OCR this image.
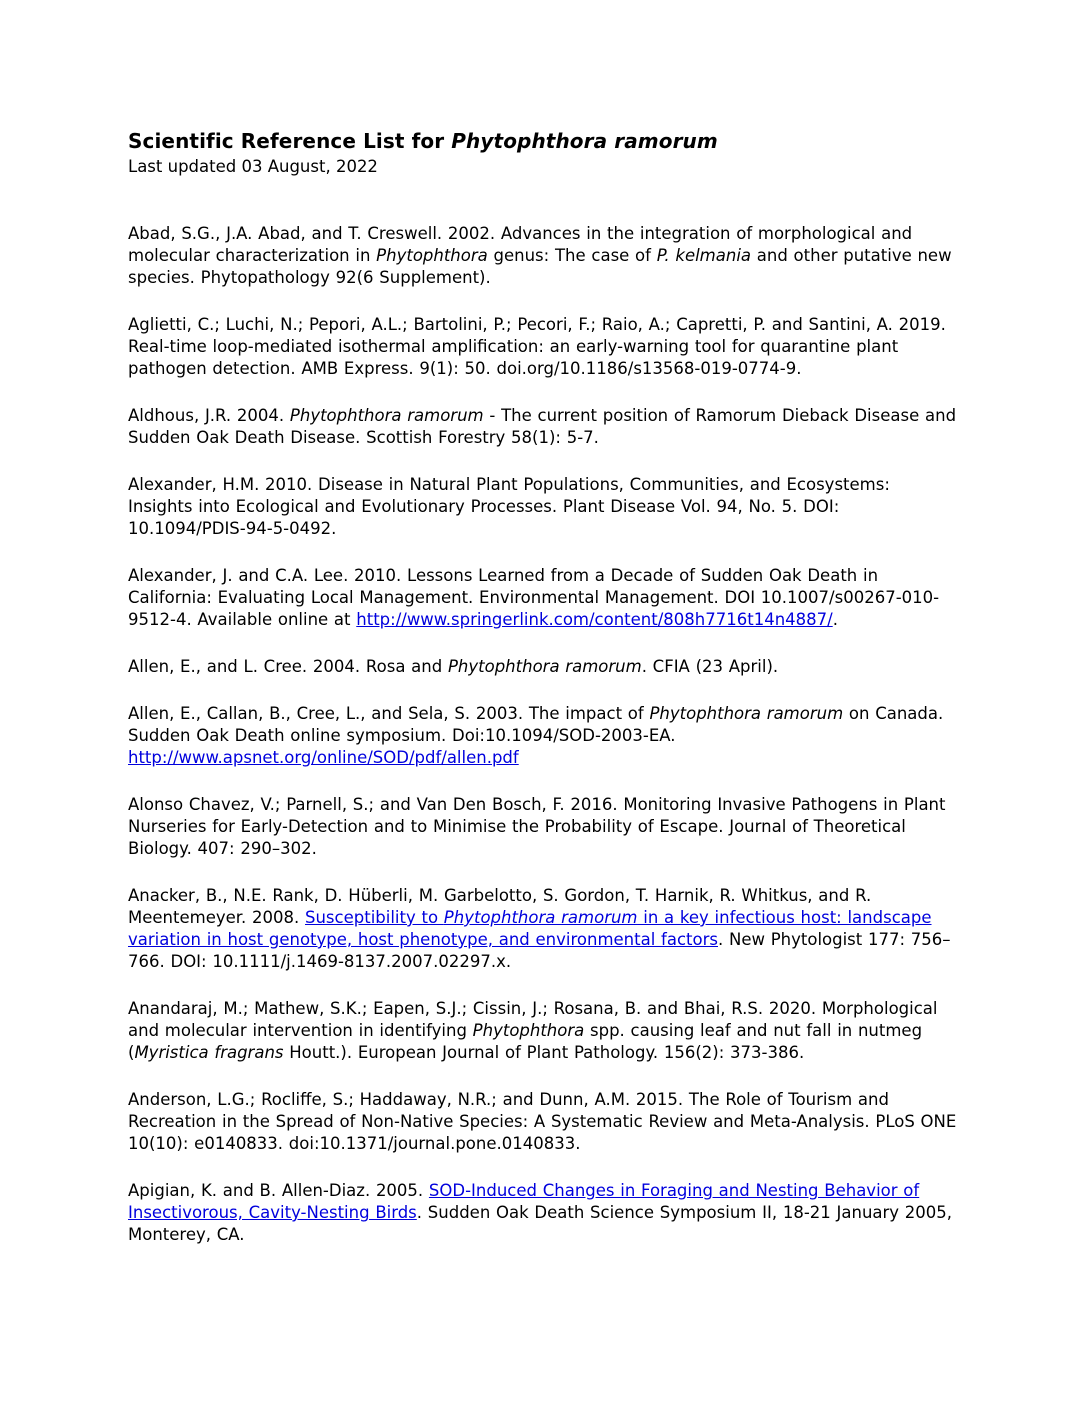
Scientific Reference List for Phytophthora ramorum
Last updated 03 August, 2022

Abad, S.G., J.A. Abad, and T. Creswell. 2002. Advances in the integration of morphological and molecular characterization in Phytophthora genus: The case of P. kelmania and other putative new species. Phytopathology 92(6 Supplement).

Aglietti, C.; Luchi, N.; Pepori, A.L.; Bartolini, P.; Pecori, F.; Raio, A.; Capretti, P. and Santini, A. 2019. Real-time loop-mediated isothermal amplification: an early-warning tool for quarantine plant pathogen detection. AMB Express. 9(1): 50. doi.org/10.1186/s13568-019-0774-9.

Aldhous, J.R. 2004. Phytophthora ramorum - The current position of Ramorum Dieback Disease and Sudden Oak Death Disease. Scottish Forestry 58(1): 5-7.

Alexander, H.M. 2010. Disease in Natural Plant Populations, Communities, and Ecosystems: Insights into Ecological and Evolutionary Processes. Plant Disease Vol. 94, No. 5. DOI: 10.1094/PDIS-94-5-0492.

Alexander, J. and C.A. Lee. 2010. Lessons Learned from a Decade of Sudden Oak Death in California: Evaluating Local Management. Environmental Management. DOI 10.1007/s00267-010-9512-4. Available online at http://www.springerlink.com/content/808h7716t14n4887/.

Allen, E., and L. Cree. 2004. Rosa and Phytophthora ramorum. CFIA (23 April).

Allen, E., Callan, B., Cree, L., and Sela, S. 2003. The impact of Phytophthora ramorum on Canada. Sudden Oak Death online symposium. Doi:10.1094/SOD-2003-EA. http://www.apsnet.org/online/SOD/pdf/allen.pdf

Alonso Chavez, V.; Parnell, S.; and Van Den Bosch, F. 2016. Monitoring Invasive Pathogens in Plant Nurseries for Early-Detection and to Minimise the Probability of Escape. Journal of Theoretical Biology. 407: 290–302.

Anacker, B., N.E. Rank, D. Hüberli, M. Garbelotto, S. Gordon, T. Harnik, R. Whitkus, and R. Meentemeyer. 2008. Susceptibility to Phytophthora ramorum in a key infectious host: landscape variation in host genotype, host phenotype, and environmental factors. New Phytologist 177: 756–766. DOI: 10.1111/j.1469-8137.2007.02297.x.

Anandaraj, M.; Mathew, S.K.; Eapen, S.J.; Cissin, J.; Rosana, B. and Bhai, R.S. 2020. Morphological and molecular intervention in identifying Phytophthora spp. causing leaf and nut fall in nutmeg (Myristica fragrans Houtt.). European Journal of Plant Pathology. 156(2): 373-386.

Anderson, L.G.; Rocliffe, S.; Haddaway, N.R.; and Dunn, A.M. 2015. The Role of Tourism and Recreation in the Spread of Non-Native Species: A Systematic Review and Meta-Analysis. PLoS ONE 10(10): e0140833. doi:10.1371/journal.pone.0140833.

Apigian, K. and B. Allen-Diaz. 2005. SOD-Induced Changes in Foraging and Nesting Behavior of Insectivorous, Cavity-Nesting Birds. Sudden Oak Death Science Symposium II, 18-21 January 2005, Monterey, CA.
